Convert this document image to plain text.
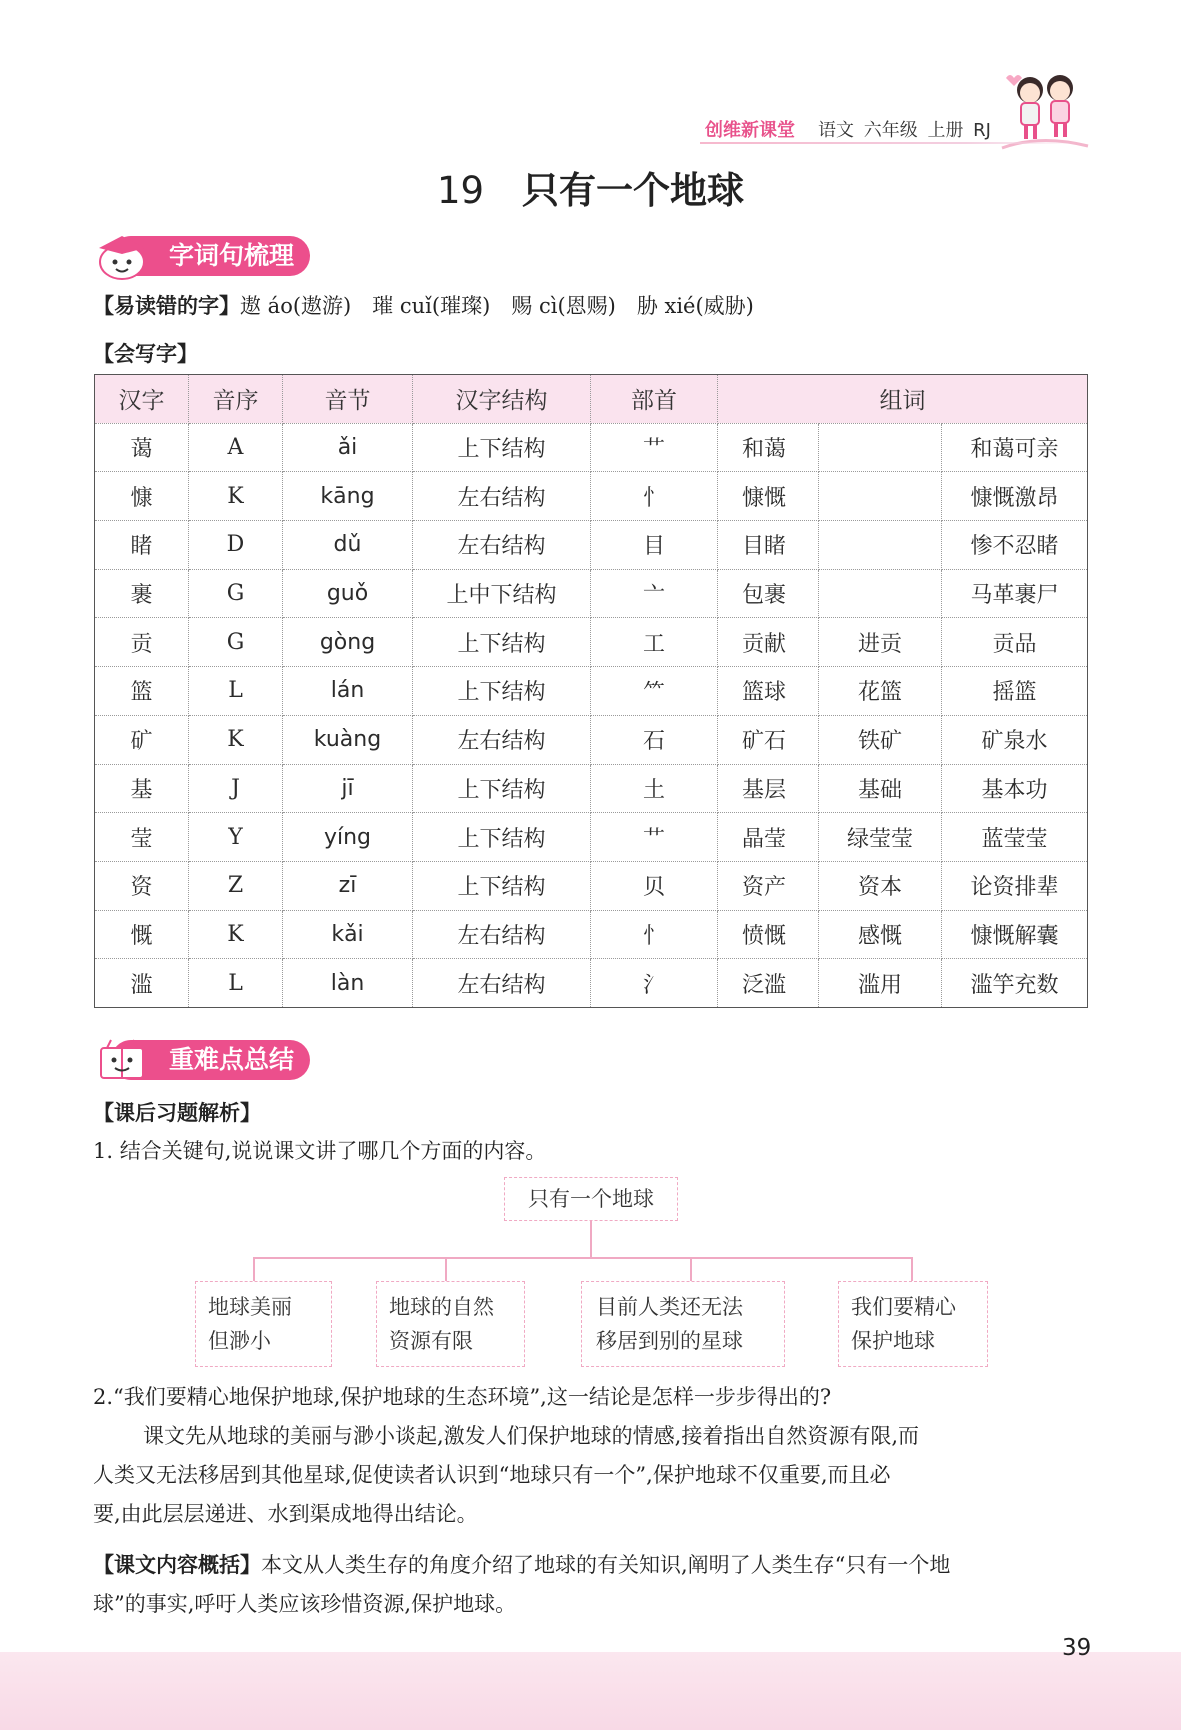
创维新课堂 语文 六年级 上册 RJ
19 只有一个地球
字词句梳理
【易读错的字】遨 áo(遨游)　璀 cuǐ(璀璨)　赐 cì(恩赐)　胁 xié(威胁)
【会写字】
汉字	音序	音节	汉字结构	部首	组词		
蔼	A	ǎi	上下结构	艹	和蔼		和蔼可亲
慷	K	kāng	左右结构	忄	慷慨		慷慨激昂
睹	D	dǔ	左右结构	目	目睹		惨不忍睹
裹	G	guǒ	上中下结构	亠	包裹		马革裹尸
贡	G	gòng	上下结构	工	贡献	进贡	贡品
篮	L	lán	上下结构	⺮	篮球	花篮	摇篮
矿	K	kuàng	左右结构	石	矿石	铁矿	矿泉水
基	J	jī	上下结构	土	基层	基础	基本功
莹	Y	yíng	上下结构	艹	晶莹	绿莹莹	蓝莹莹
资	Z	zī	上下结构	贝	资产	资本	论资排辈
慨	K	kǎi	左右结构	忄	愤慨	感慨	慷慨解囊
滥	L	làn	左右结构	氵	泛滥	滥用	滥竽充数
重难点总结
【课后习题解析】
1. 结合关键句,说说课文讲了哪几个方面的内容。
只有一个地球
地球美丽
但渺小
地球的自然
资源有限
目前人类还无法
移居到别的星球
我们要精心
保护地球
2.“我们要精心地保护地球,保护地球的生态环境”,这一结论是怎样一步步得出的?
课文先从地球的美丽与渺小谈起,激发人们保护地球的情感,接着指出自然资源有限,而
人类又无法移居到其他星球,促使读者认识到“地球只有一个”,保护地球不仅重要,而且必
要,由此层层递进、水到渠成地得出结论。
【课文内容概括】本文从人类生存的角度介绍了地球的有关知识,阐明了人类生存“只有一个地
球”的事实,呼吁人类应该珍惜资源,保护地球。
39
